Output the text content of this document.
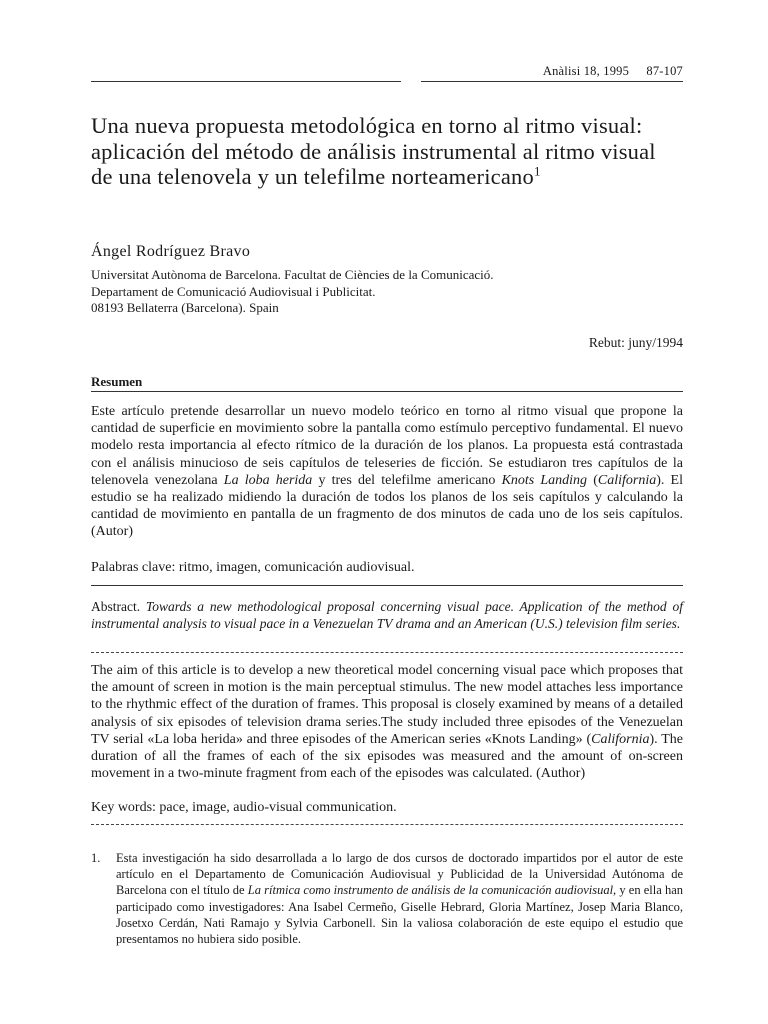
Anàlisi 18, 1995 87-107
Una nueva propuesta metodológica en torno al ritmo visual: aplicación del método de análisis instrumental al ritmo visual de una telenovela y un telefilme norteamericano$^1$
Ángel Rodríguez Bravo
Universitat Autònoma de Barcelona. Facultat de Ciències de la Comunicació.
Departament de Comunicació Audiovisual i Publicitat.
08193 Bellaterra (Barcelona). Spain
Rebut: juny/1994
Resumen

Este artículo pretende desarrollar un nuevo modelo teórico en torno al ritmo visual que propone la cantidad de superficie en movimiento sobre la pantalla como estímulo perceptivo fundamental. El nuevo modelo resta importancia al efecto rítmico de la duración de los planos. La propuesta está contrastada con el análisis minucioso de seis capítulos de teleseries de ficción. Se estudiaron tres capítulos de la telenovela venezolana La loba herida y tres del telefilme americano Knots Landing (California). El estudio se ha realizado midiendo la duración de todos los planos de los seis capítulos y calculando la cantidad de movimiento en pantalla de un fragmento de dos minutos de cada uno de los seis capítulos. (Autor)

Palabras clave: ritmo, imagen, comunicación audiovisual.

Abstract. Towards a new methodological proposal concerning visual pace. Application of the method of instrumental analysis to visual pace in a Venezuelan TV drama and an American (U.S.) television film series.

The aim of this article is to develop a new theoretical model concerning visual pace which proposes that the amount of screen in motion is the main perceptual stimulus. The new model attaches less importance to the rhythmic effect of the duration of frames. This proposal is closely examined by means of a detailed analysis of six episodes of television drama series.The study included three episodes of the Venezuelan TV serial «La loba herida» and three episodes of the American series «Knots Landing» (California). The duration of all the frames of each of the six episodes was measured and the amount of on-screen movement in a two-minute fragment from each of the episodes was calculated. (Author)

Key words: pace, image, audio-visual communication.
1. Esta investigación ha sido desarrollada a lo largo de dos cursos de doctorado impartidos por el autor de este artículo en el Departamento de Comunicación Audiovisual y Publicidad de la Universidad Autónoma de Barcelona con el título de La rítmica como instrumento de análisis de la comunicación audiovisual, y en ella han participado como investigadores: Ana Isabel Cermeño, Giselle Hebrard, Gloria Martínez, Josep Maria Blanco, Josetxo Cerdán, Nati Ramajo y Sylvia Carbonell. Sin la valiosa colaboración de este equipo el estudio que presentamos no hubiera sido posible.
